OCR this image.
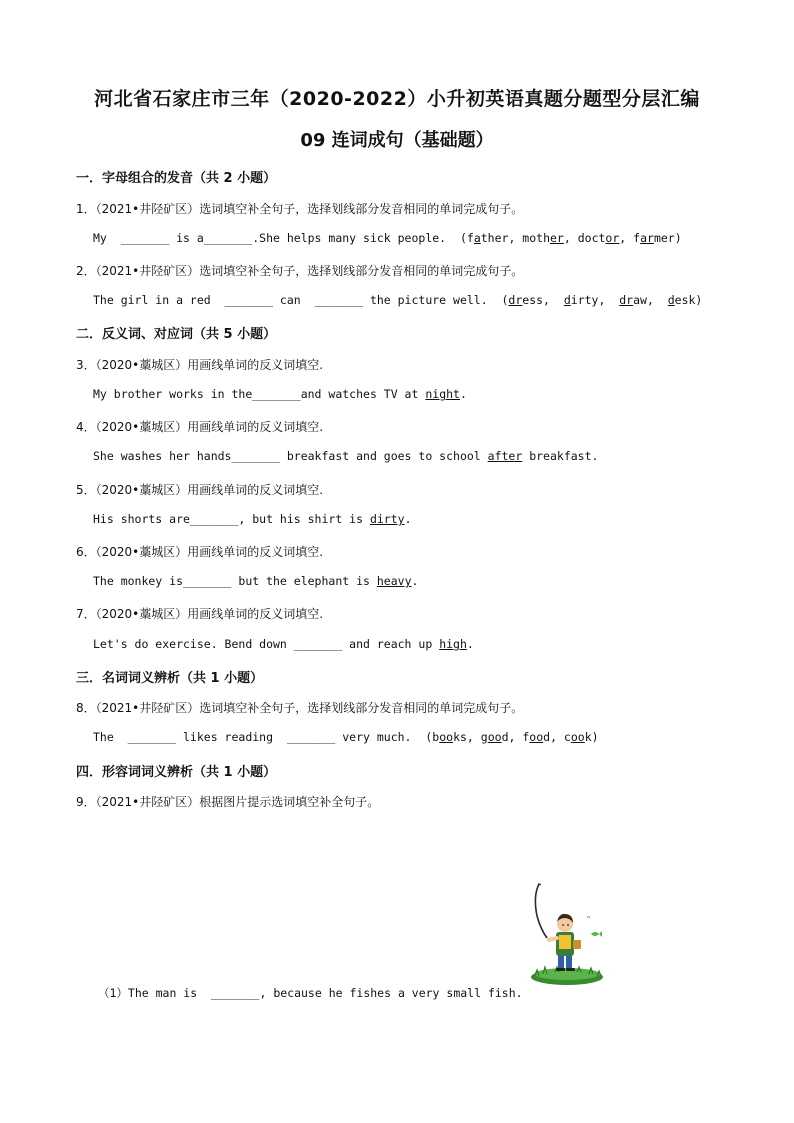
河北省石家庄市三年（2020-2022）小升初英语真题分题型分层汇编
09 连词成句（基础题）
一．字母组合的发音（共 2 小题）
1．（2021•井陉矿区）选词填空补全句子，选择划线部分发音相同的单词完成句子。
My  _______ is a_______.She helps many sick people.  (father, mother, doctor, farmer)
2．（2021•井陉矿区）选词填空补全句子，选择划线部分发音相同的单词完成句子。
The girl in a red  _______ can  _______ the picture well.  (dress,  dirty,  draw,  desk)
二．反义词、对应词（共 5 小题）
3．（2020•藁城区）用画线单词的反义词填空.
My brother works in the_______and watches TV at night.
4．（2020•藁城区）用画线单词的反义词填空.
She washes her hands_______ breakfast and goes to school after breakfast.
5．（2020•藁城区）用画线单词的反义词填空.
His shorts are_______, but his shirt is dirty.
6．（2020•藁城区）用画线单词的反义词填空.
The monkey is_______ but the elephant is heavy.
7．（2020•藁城区）用画线单词的反义词填空.
Let's do exercise. Bend down _______ and reach up high.
三．名词词义辨析（共 1 小题）
8．（2021•井陉矿区）选词填空补全句子，选择划线部分发音相同的单词完成句子。
The  _______ likes reading  _______ very much.  (books, good, food, cook)
四．形容词词义辨析（共 1 小题）
9．（2021•井陉矿区）根据图片提示选词填空补全句子。
（1）The man is  _______, because he fishes a very small fish.
